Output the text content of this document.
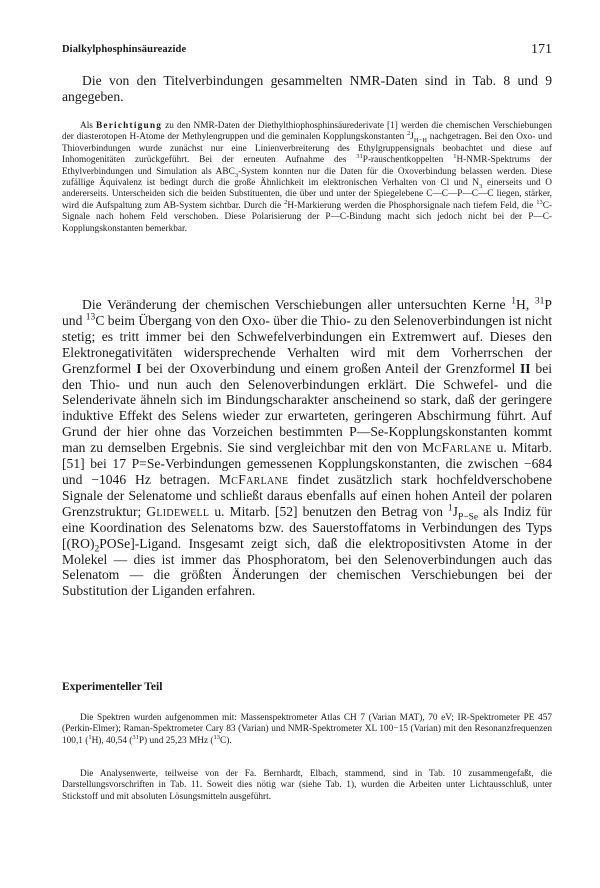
Dialkylphosphinsäureazide	171

Die von den Titelverbindungen gesammelten NMR-Daten sind in Tab. 8 und 9 angegeben.

Als Berichtigung zu den NMR-Daten der Diethylthiophosphinsäurederivate [1] werden die chemischen Verschiebungen der diasterotopen H-Atome der Methylengruppen und die geminalen Kopplungskonstanten $^2J_{H-H}$ nachgetragen. Bei den Oxo- und Thioverbindungen wurde zunächst nur eine Linienverbreiterung des Ethylgruppensignals beobachtet und diese auf Inhomogenitäten zurückgeführt. Bei der erneuten Aufnahme des $^{31}$P-rauschentkoppelten $^1$H-NMR-Spektrums der Ethylverbindungen und Simulation als $ABC_3$-System konnten nur die Daten für die Oxoverbindung belassen werden. Diese zufällige Äquivalenz ist bedingt durch die große Ähnlichkeit im elektronischen Verhalten von Cl und $N_3$ einerseits und O andererseits. Unterscheiden sich die beiden Substituenten, die über und unter der Spiegelebene C—C—P—C—C liegen, stärker, wird die Aufspaltung zum AB-System sichtbar. Durch die $^2$H-Markierung werden die Phosphorsignale nach tiefem Feld, die $^{13}$C-Signale nach hohem Feld verschoben. Diese Polarisierung der P—C-Bindung macht sich jedoch nicht bei der P—C-Kopplungskonstanten bemerkbar.

Die Veränderung der chemischen Verschiebungen aller untersuchten Kerne $^1$H, $^{31}$P und $^{13}$C beim Übergang von den Oxo- über die Thio- zu den Selenoverbindungen ist nicht stetig; es tritt immer bei den Schwefelverbindungen ein Extremwert auf. Dieses den Elektronegativitäten widersprechende Verhalten wird mit dem Vorherrschen der Grenzformel I bei der Oxoverbindung und einem großen Anteil der Grenzformel II bei den Thio- und nun auch den Selenoverbindungen erklärt. Die Schwefel- und die Selenderivate ähneln sich im Bindungscharakter anscheinend so stark, daß der geringere induktive Effekt des Selens wieder zur erwarteten, geringeren Abschirmung führt. Auf Grund der hier ohne das Vorzeichen bestimmten P—Se-Kopplungskonstanten kommt man zu demselben Ergebnis. Sie sind vergleichbar mit den von McFarlane u. Mitarb. [51] bei 17 P=Se-Verbindungen gemessenen Kopplungskonstanten, die zwischen −684 und −1046 Hz betragen. McFarlane findet zusätzlich stark hochfeldverschobene Signale der Selenatome und schließt daraus ebenfalls auf einen hohen Anteil der polaren Grenzstruktur; Glidewell u. Mitarb. [52] benutzen den Betrag von $^1J_{P-Se}$ als Indiz für eine Koordination des Selenatoms bzw. des Sauerstoffatoms in Verbindungen des Typs $[(RO)_2POSe]$-Ligand. Insgesamt zeigt sich, daß die elektropositivsten Atome in der Molekel — dies ist immer das Phosphoratom, bei den Selenoverbindungen auch das Selenatom — die größten Änderungen der chemischen Verschiebungen bei der Substitution der Liganden erfahren.

Experimenteller Teil

Die Spektren wurden aufgenommen mit: Massenspektrometer Atlas CH 7 (Varian MAT), 70 eV; IR-Spektrometer PE 457 (Perkin-Elmer); Raman-Spektrometer Cary 83 (Varian) und NMR-Spektrometer XL 100−15 (Varian) mit den Resonanzfrequenzen 100,1 ($^1$H), 40,54 ($^{31}$P) und 25,23 MHz ($^{13}$C).

Die Analysenwerte, teilweise von der Fa. Bernhardt, Elbach, stammend, sind in Tab. 10 zusammengefaßt, die Darstellungsvorschriften in Tab. 11. Soweit dies nötig war (siehe Tab. 1), wurden die Arbeiten unter Lichtausschluß, unter Stickstoff und mit absoluten Lösungsmitteln ausgeführt.
